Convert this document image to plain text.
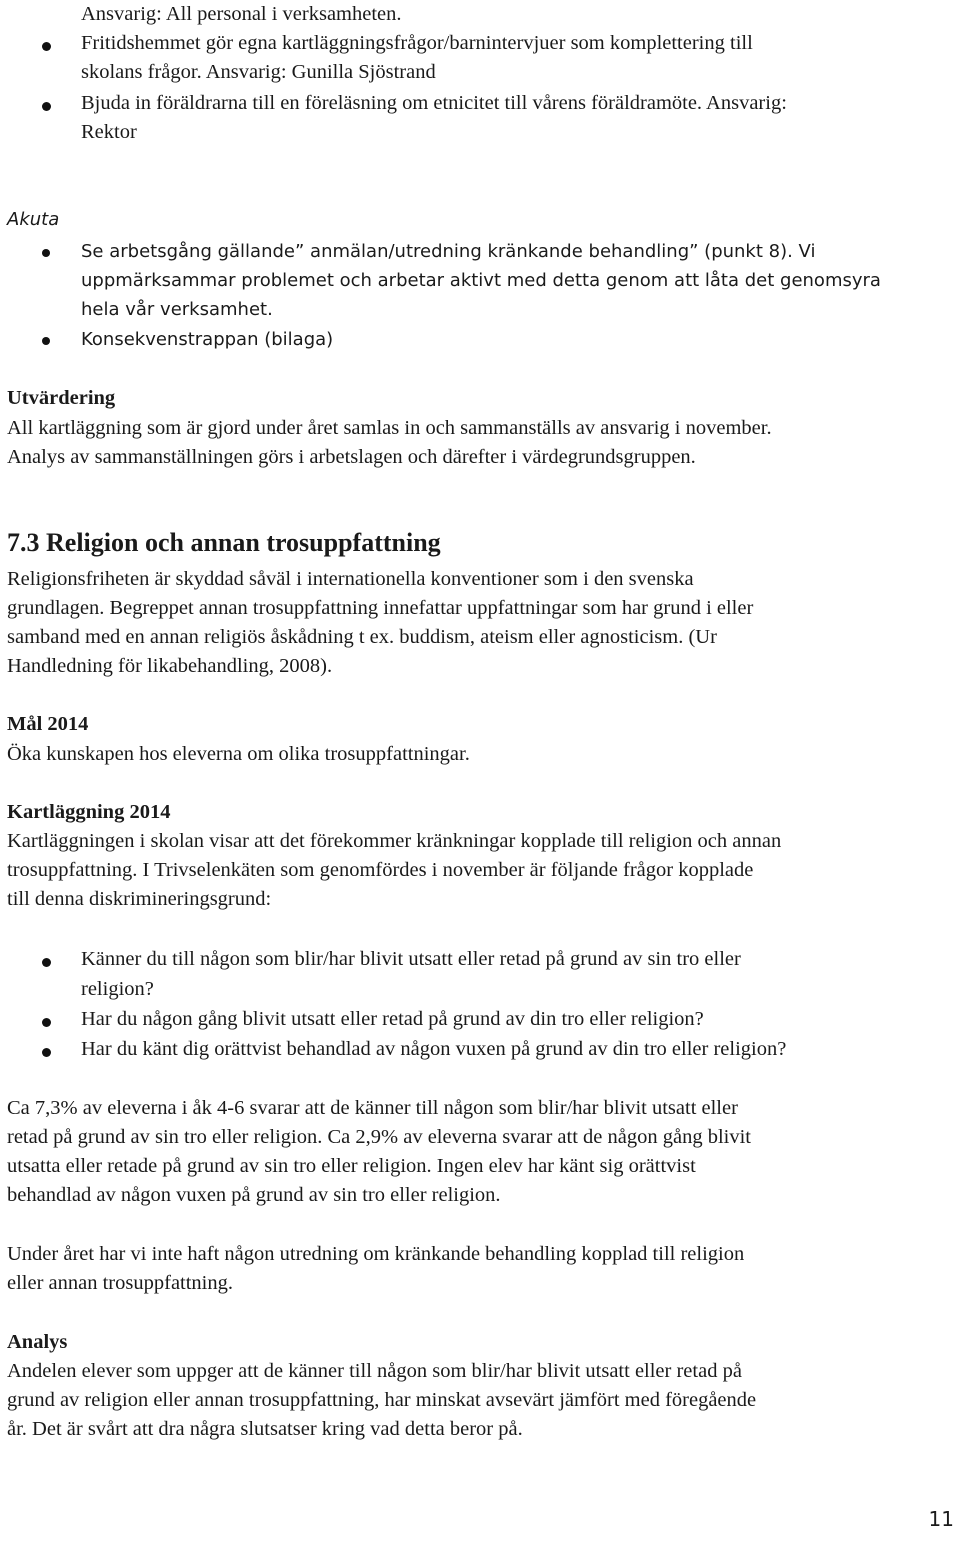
Ansvarig: All personal i verksamheten.

Fritidshemmet gör egna kartläggningsfrågor/barnintervjuer som komplettering till

skolans frågor. Ansvarig: Gunilla Sjöstrand

Bjuda in föräldrarna till en föreläsning om etnicitet till vårens föräldramöte. Ansvarig:

Rektor

Akuta

Se arbetsgång gällande” anmälan/utredning kränkande behandling” (punkt 8). Vi

uppmärksammar problemet och arbetar aktivt med detta genom att låta det genomsyra

hela vår verksamhet.

Konsekvenstrappan (bilaga)

Utvärdering

All kartläggning som är gjord under året samlas in och sammanställs av ansvarig i november.

Analys av sammanställningen görs i arbetslagen och därefter i värdegrundsgruppen.

7.3 Religion och annan trosuppfattning

Religionsfriheten är skyddad såväl i internationella konventioner som i den svenska

grundlagen. Begreppet annan trosuppfattning innefattar uppfattningar som har grund i eller

samband med en annan religiös åskådning t ex. buddism, ateism eller agnosticism. (Ur

Handledning för likabehandling, 2008).

Mål 2014

Öka kunskapen hos eleverna om olika trosuppfattningar.

Kartläggning 2014

Kartläggningen i skolan visar att det förekommer kränkningar kopplade till religion och annan

trosuppfattning. I Trivselenkäten som genomfördes i november är följande frågor kopplade

till denna diskrimineringsgrund:

Känner du till någon som blir/har blivit utsatt eller retad på grund av sin tro eller

religion?

Har du någon gång blivit utsatt eller retad på grund av din tro eller religion?

Har du känt dig orättvist behandlad av någon vuxen på grund av din tro eller religion?

Ca 7,3% av eleverna i åk 4-6 svarar att de känner till någon som blir/har blivit utsatt eller

retad på grund av sin tro eller religion. Ca 2,9% av eleverna svarar att de någon gång blivit

utsatta eller retade på grund av sin tro eller religion. Ingen elev har känt sig orättvist

behandlad av någon vuxen på grund av sin tro eller religion.

Under året har vi inte haft någon utredning om kränkande behandling kopplad till religion

eller annan trosuppfattning.

Analys

Andelen elever som uppger att de känner till någon som blir/har blivit utsatt eller retad på

grund av religion eller annan trosuppfattning, har minskat avsevärt jämfört med föregående

år. Det är svårt att dra några slutsatser kring vad detta beror på.

11
